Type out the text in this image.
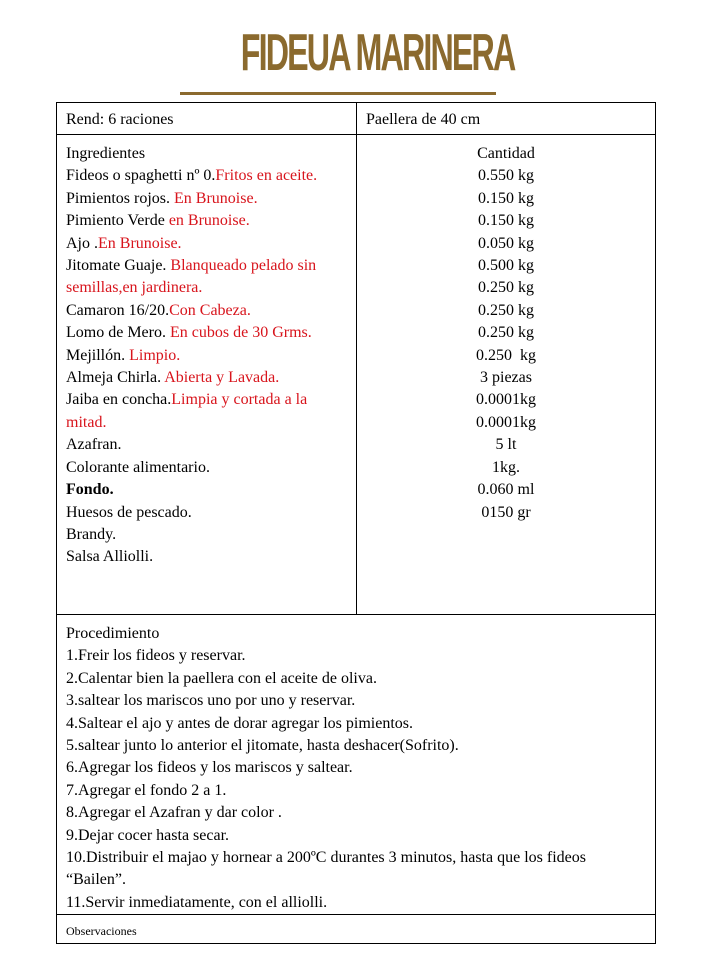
FIDEUA MARINERA
Rend: 6 raciones	Paellera de 40 cm
Ingredientes
Fideos o spaghetti nº 0.Fritos en aceite.
Pimientos rojos. En Brunoise.
Pimiento Verde en Brunoise.
Ajo .En Brunoise.
Jitomate Guaje. Blanqueado pelado sin semillas,en jardinera.
Camaron 16/20.Con Cabeza.
Lomo de Mero. En cubos de 30 Grms.
Mejillón. Limpio.
Almeja Chirla. Abierta y Lavada.
Jaiba en concha.Limpia y cortada a la mitad.
Azafran.
Colorante alimentario.
Fondo.
Huesos de pescado.
Brandy.
Salsa Alliolli.
Cantidad
0.550 kg
0.150 kg
0.150 kg
0.050 kg
0.500 kg
0.250 kg
0.250 kg
0.250 kg
0.250  kg
3 piezas
0.0001kg
0.0001kg
5 lt
1kg.
0.060 ml
0150 gr
Procedimiento
1.Freir los fideos y reservar.
2.Calentar bien la paellera con el aceite de oliva.
3.saltear los mariscos uno por uno y reservar.
4.Saltear el ajo y antes de dorar agregar los pimientos.
5.saltear junto lo anterior el jitomate, hasta deshacer(Sofrito).
6.Agregar los fideos y los mariscos y saltear.
7.Agregar el fondo 2 a 1.
8.Agregar el Azafran y dar color .
9.Dejar cocer hasta secar.
10.Distribuir el majao y hornear a 200ºC durantes 3 minutos, hasta que los fideos “Bailen”.
11.Servir inmediatamente, con el alliolli.
Observaciones
